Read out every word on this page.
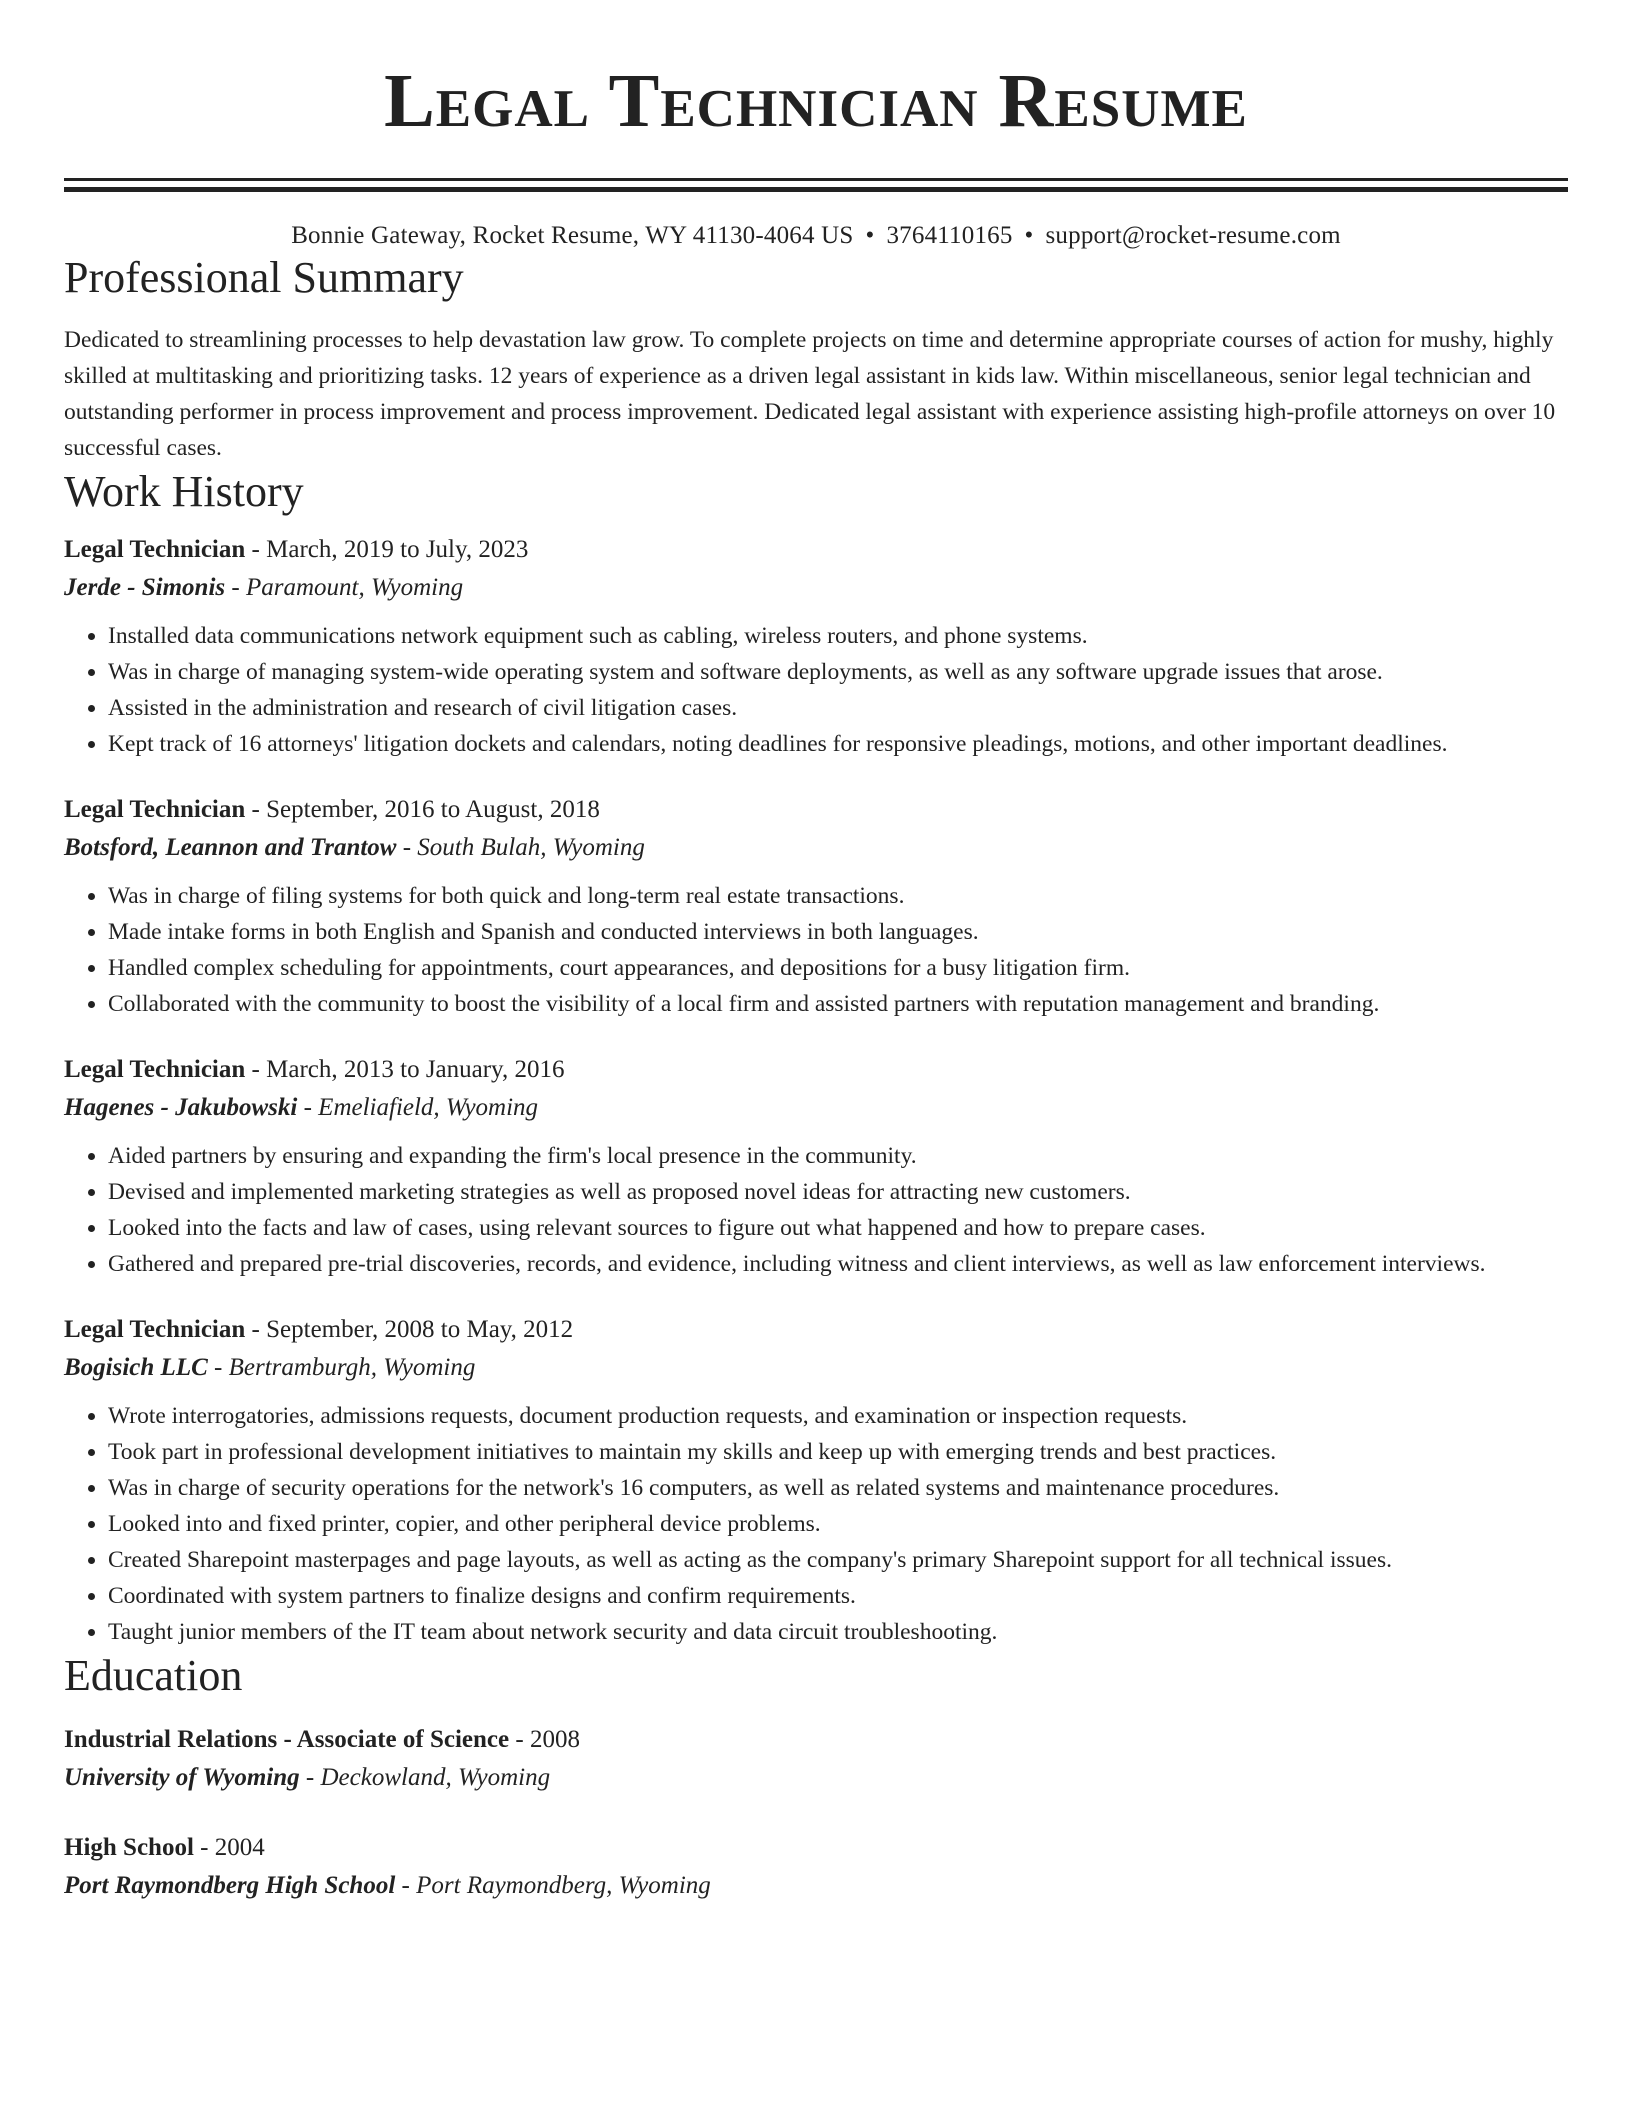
Legal Technician Resume
Bonnie Gateway, Rocket Resume, WY 41130-4064 US • 3764110165 • support@rocket-resume.com
Professional Summary
Dedicated to streamlining processes to help devastation law grow. To complete projects on time and determine appropriate courses of action for mushy, highly skilled at multitasking and prioritizing tasks. 12 years of experience as a driven legal assistant in kids law. Within miscellaneous, senior legal technician and outstanding performer in process improvement and process improvement. Dedicated legal assistant with experience assisting high-profile attorneys on over 10 successful cases.
Work History
Legal Technician - March, 2019 to July, 2023
Jerde - Simonis - Paramount, Wyoming
• Installed data communications network equipment such as cabling, wireless routers, and phone systems.
• Was in charge of managing system-wide operating system and software deployments, as well as any software upgrade issues that arose.
• Assisted in the administration and research of civil litigation cases.
• Kept track of 16 attorneys' litigation dockets and calendars, noting deadlines for responsive pleadings, motions, and other important deadlines.
Legal Technician - September, 2016 to August, 2018
Botsford, Leannon and Trantow - South Bulah, Wyoming
• Was in charge of filing systems for both quick and long-term real estate transactions.
• Made intake forms in both English and Spanish and conducted interviews in both languages.
• Handled complex scheduling for appointments, court appearances, and depositions for a busy litigation firm.
• Collaborated with the community to boost the visibility of a local firm and assisted partners with reputation management and branding.
Legal Technician - March, 2013 to January, 2016
Hagenes - Jakubowski - Emeliafield, Wyoming
• Aided partners by ensuring and expanding the firm's local presence in the community.
• Devised and implemented marketing strategies as well as proposed novel ideas for attracting new customers.
• Looked into the facts and law of cases, using relevant sources to figure out what happened and how to prepare cases.
• Gathered and prepared pre-trial discoveries, records, and evidence, including witness and client interviews, as well as law enforcement interviews.
Legal Technician - September, 2008 to May, 2012
Bogisich LLC - Bertramburgh, Wyoming
• Wrote interrogatories, admissions requests, document production requests, and examination or inspection requests.
• Took part in professional development initiatives to maintain my skills and keep up with emerging trends and best practices.
• Was in charge of security operations for the network's 16 computers, as well as related systems and maintenance procedures.
• Looked into and fixed printer, copier, and other peripheral device problems.
• Created Sharepoint masterpages and page layouts, as well as acting as the company's primary Sharepoint support for all technical issues.
• Coordinated with system partners to finalize designs and confirm requirements.
• Taught junior members of the IT team about network security and data circuit troubleshooting.
Education
Industrial Relations - Associate of Science - 2008
University of Wyoming - Deckowland, Wyoming
High School - 2004
Port Raymondberg High School - Port Raymondberg, Wyoming
